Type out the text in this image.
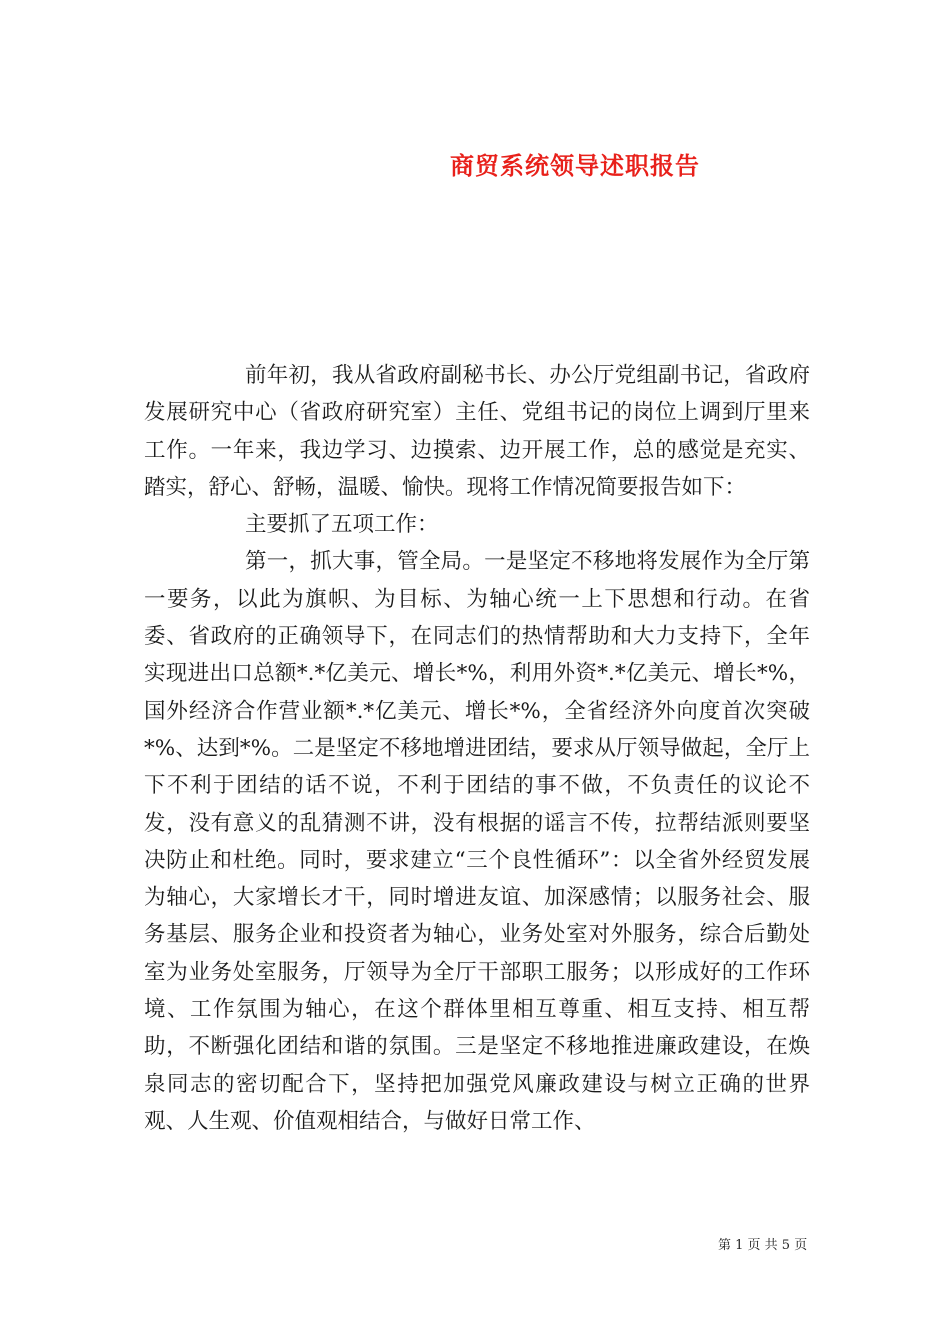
商贸系统领导述职报告

前年初，我从省政府副秘书长、办公厅党组副书记，省政府发展研究中心（省政府研究室）主任、党组书记的岗位上调到厅里来工作。一年来，我边学习、边摸索、边开展工作，总的感觉是充实、踏实，舒心、舒畅，温暖、愉快。现将工作情况简要报告如下：

主要抓了五项工作：

第一，抓大事，管全局。一是坚定不移地将发展作为全厅第一要务，以此为旗帜、为目标、为轴心统一上下思想和行动。在省委、省政府的正确领导下，在同志们的热情帮助和大力支持下，全年实现进出口总额*.*亿美元、增长*%，利用外资*.*亿美元、增长*%，国外经济合作营业额*.*亿美元、增长*%，全省经济外向度首次突破*%、达到*%。二是坚定不移地增进团结，要求从厅领导做起，全厅上下不利于团结的话不说，不利于团结的事不做，不负责任的议论不发，没有意义的乱猜测不讲，没有根据的谣言不传，拉帮结派则要坚决防止和杜绝。同时，要求建立“三个良性循环”：以全省外经贸发展为轴心，大家增长才干，同时增进友谊、加深感情；以服务社会、服务基层、服务企业和投资者为轴心，业务处室对外服务，综合后勤处室为业务处室服务，厅领导为全厅干部职工服务；以形成好的工作环境、工作氛围为轴心，在这个群体里相互尊重、相互支持、相互帮助，不断强化团结和谐的氛围。三是坚定不移地推进廉政建设，在焕泉同志的密切配合下，坚持把加强党风廉政建设与树立正确的世界观、人生观、价值观相结合，与做好日常工作、

第 1 页 共 5 页
